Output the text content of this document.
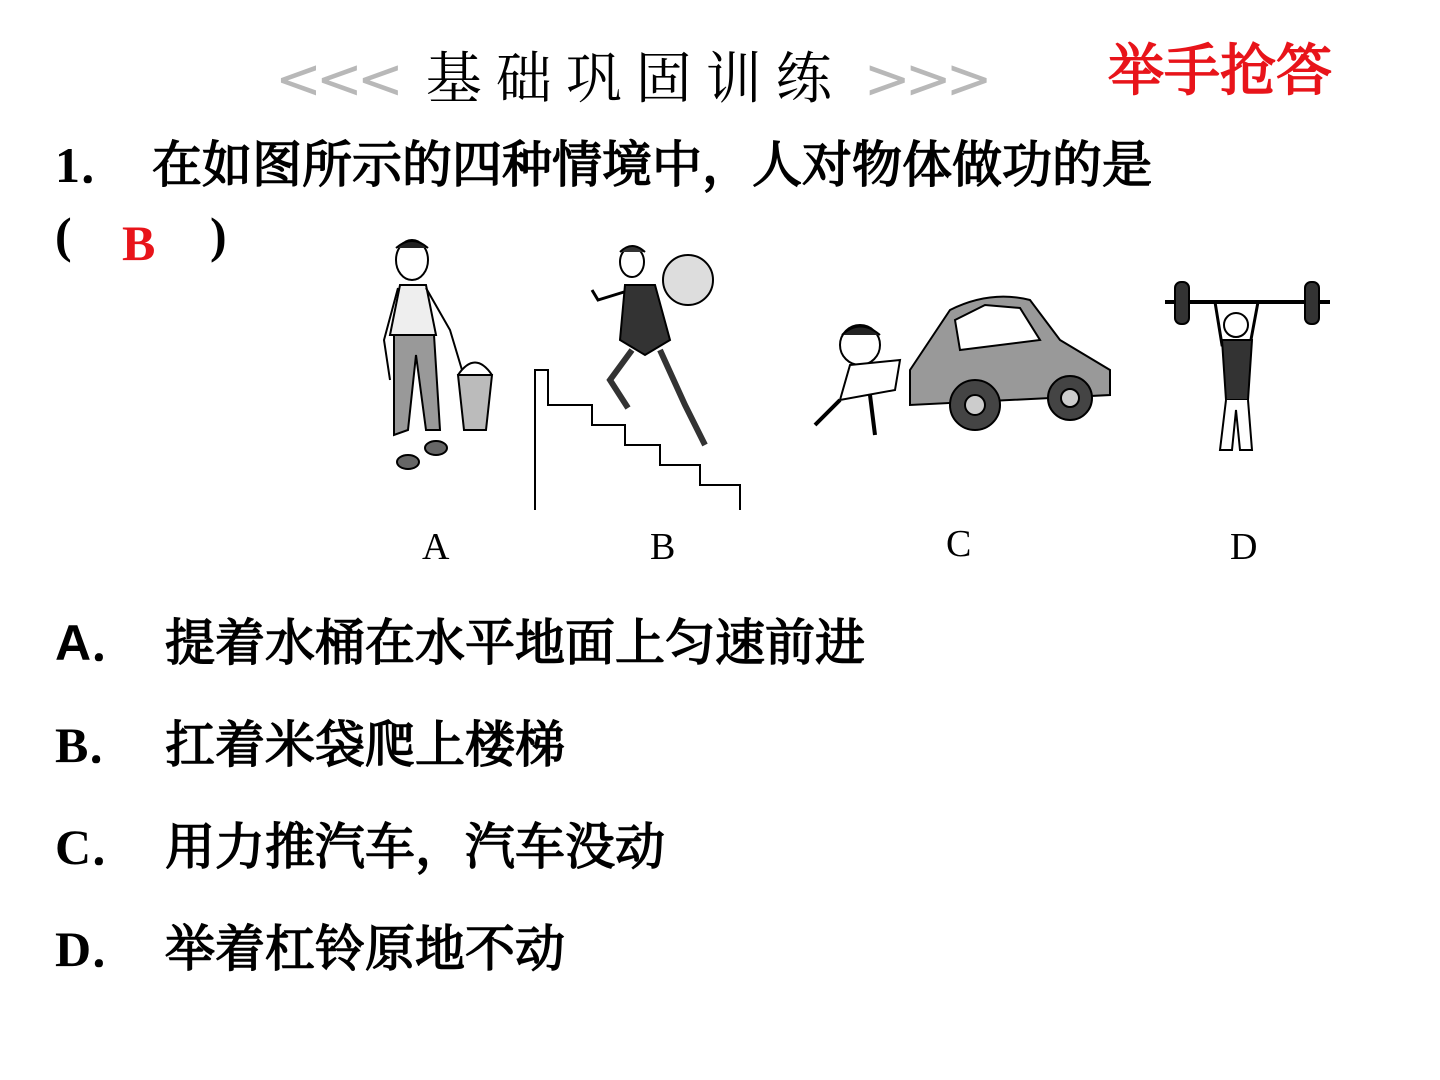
<<< 基础巩固训练 >>> 举手抢答
1． 在如图所示的四种情境中，人对物体做功的是
(	)
B
A	B	C	D
A． 提着水桶在水平地面上匀速前进
B． 扛着米袋爬上楼梯
C． 用力推汽车，汽车没动
D． 举着杠铃原地不动
